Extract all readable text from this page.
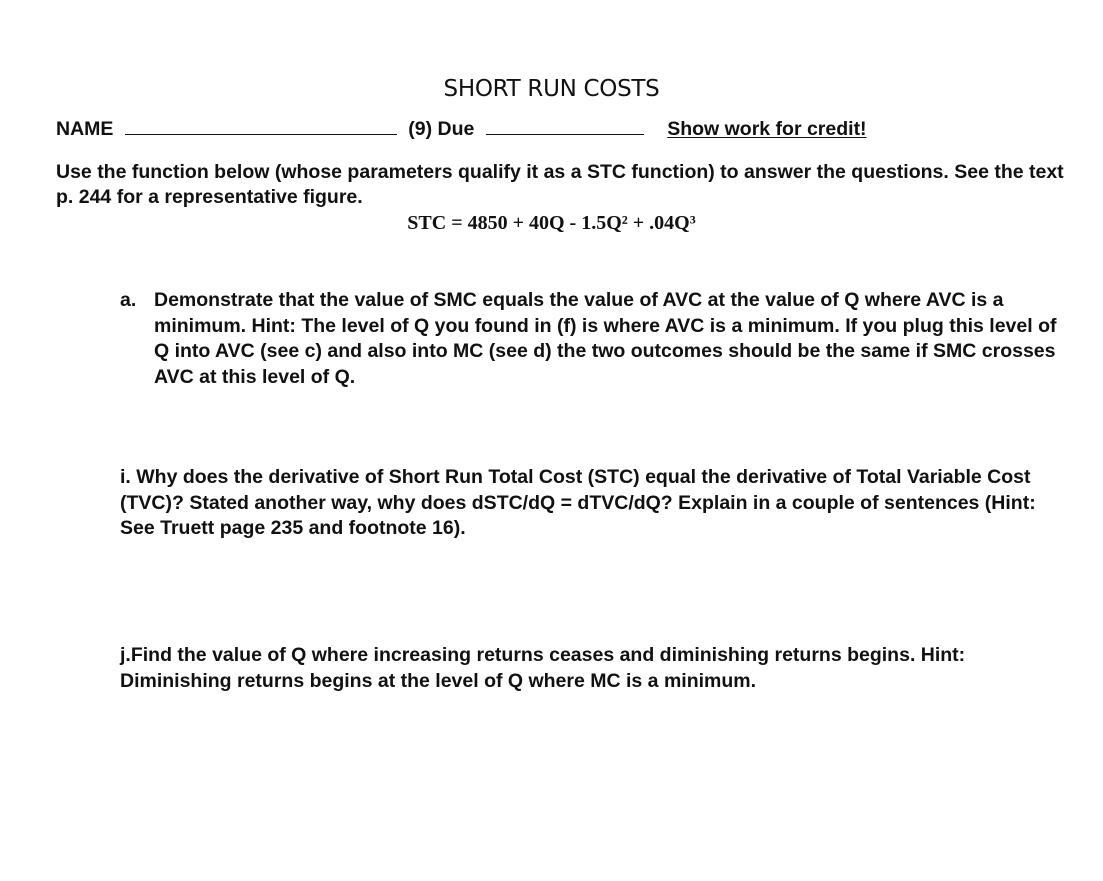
SHORT RUN COSTS
NAME	(9) Due	Show work for credit!
Use the function below (whose parameters qualify it as a STC function) to answer the questions. See the text p. 244 for a representative figure.
STC = 4850 + 40Q - 1.5Q² + .04Q³
a. Demonstrate that the value of SMC equals the value of AVC at the value of Q where AVC is a minimum. Hint: The level of Q you found in (f) is where AVC is a minimum. If you plug this level of Q into AVC (see c) and also into MC (see d) the two outcomes should be the same if SMC crosses AVC at this level of Q.
i. Why does the derivative of Short Run Total Cost (STC) equal the derivative of Total Variable Cost (TVC)? Stated another way, why does dSTC/dQ = dTVC/dQ? Explain in a couple of sentences (Hint: See Truett page 235 and footnote 16).
j.Find the value of Q where increasing returns ceases and diminishing returns begins. Hint: Diminishing returns begins at the level of Q where MC is a minimum.
